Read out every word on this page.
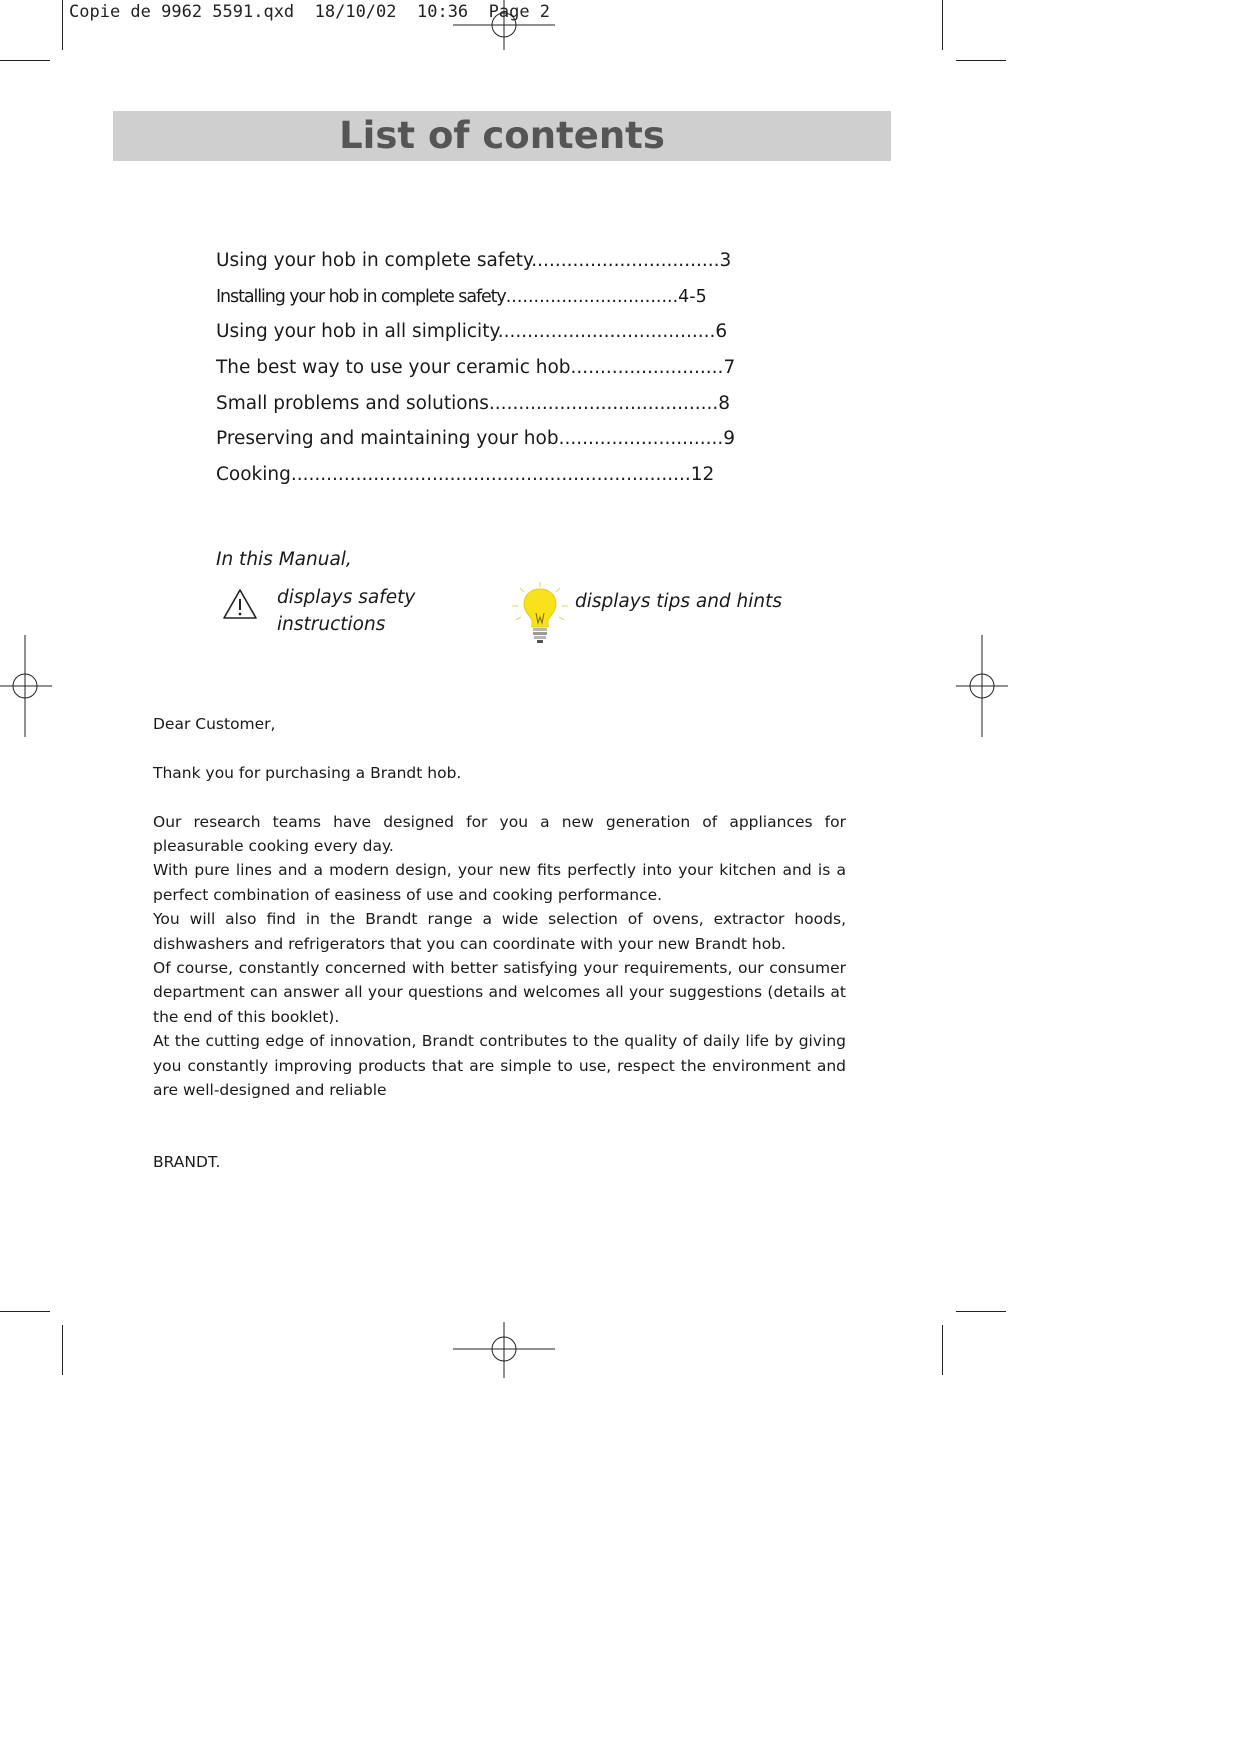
Copie de 9962 5591.qxd  18/10/02  10:36  Page 2
List of contents
Using your hob in complete safety................................3
Installing your hob in complete safety...............................4-5
Using your hob in all simplicity.....................................6
The best way to use your ceramic hob..........................7
Small problems and solutions.......................................8
Preserving and maintaining your hob............................9
Cooking....................................................................12
In this Manual,
displays safety
instructions
displays tips and hints

Dear Customer,

Thank you for purchasing a Brandt hob.

Our research teams have designed for you a new generation of appliances for pleasurable cooking every day.

With pure lines and a modern design, your new fits perfectly into your kitchen and is a perfect combination of easiness of use and cooking performance.

You will also find in the Brandt range a wide selection of ovens, extractor hoods, dishwashers and refrigerators that you can coordinate with your new Brandt hob.

Of course, constantly concerned with better satisfying your requirements, our consumer department can answer all your questions and welcomes all your suggestions (details at the end of this booklet).

At the cutting edge of innovation, Brandt contributes to the quality of daily life by giving you constantly improving products that are simple to use, respect the environment and are well-designed and reliable

BRANDT.
